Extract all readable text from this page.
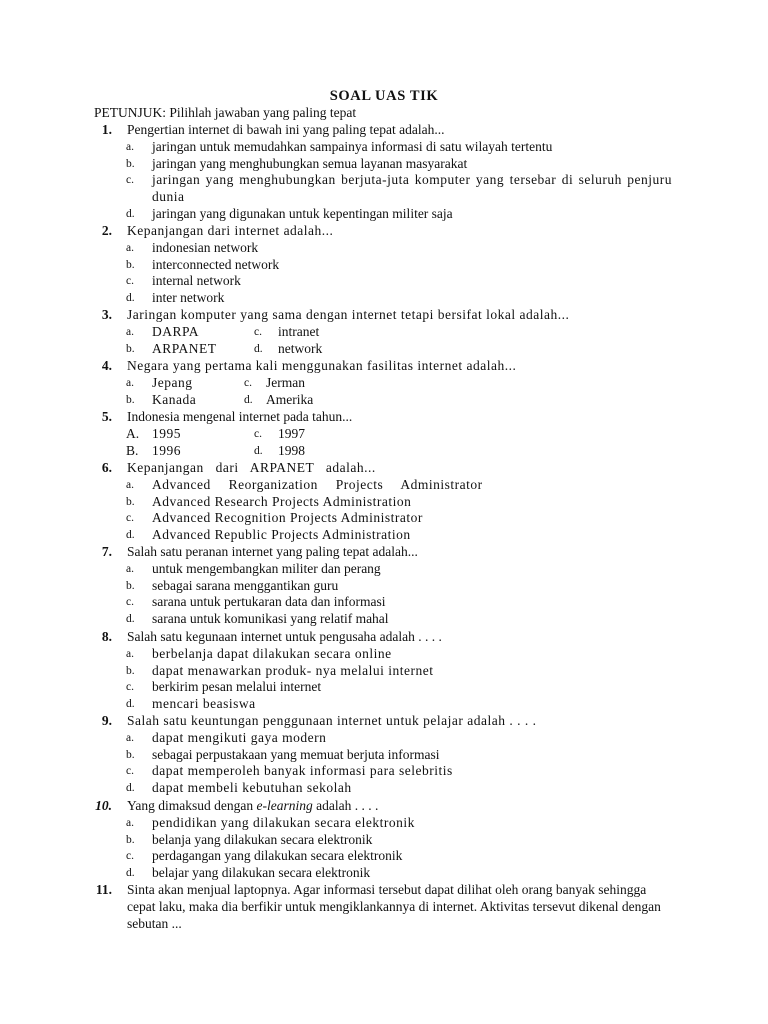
SOAL UAS TIK
PETUNJUK: Pilihlah jawaban yang paling tepat
1. Pengertian internet di bawah ini yang paling tepat adalah...
a. jaringan untuk memudahkan sampainya informasi di satu wilayah tertentu
b. jaringan yang menghubungkan semua layanan masyarakat
c. jaringan yang menghubungkan berjuta-juta komputer yang tersebar di seluruh penjuru dunia
d. jaringan yang digunakan untuk kepentingan militer saja
2. Kepanjangan dari internet adalah...
a. indonesian network
b. interconnected network
c. internal network
d. inter network
3. Jaringan komputer yang sama dengan internet tetapi bersifat lokal adalah...
a. DARPA	c. intranet
b. ARPANET	d. network
4. Negara yang pertama kali menggunakan fasilitas internet adalah...
a. Jepang	c. Jerman
b. Kanada	d. Amerika
5. Indonesia mengenal internet pada tahun...
A. 1995	c. 1997
B. 1996	d. 1998
6. Kepanjangan dari ARPANET adalah...
a. Advanced Reorganization Projects Administrator
b. Advanced Research Projects Administration
c. Advanced Recognition Projects Administrator
d. Advanced Republic Projects Administration
7. Salah satu peranan internet yang paling tepat adalah...
a. untuk mengembangkan militer dan perang
b. sebagai sarana menggantikan guru
c. sarana untuk pertukaran data dan informasi
d. sarana untuk komunikasi yang relatif mahal
8. Salah satu kegunaan internet untuk pengusaha adalah . . . .
a. berbelanja dapat dilakukan secara online
b. dapat menawarkan produk- nya melalui internet
c. berkirim pesan melalui internet
d. mencari beasiswa
9. Salah satu keuntungan penggunaan internet untuk pelajar adalah . . . .
a. dapat mengikuti gaya modern
b. sebagai perpustakaan yang memuat berjuta informasi
c. dapat memperoleh banyak informasi para selebritis
d. dapat membeli kebutuhan sekolah
10. Yang dimaksud dengan e-learning adalah . . . .
a. pendidikan yang dilakukan secara elektronik
b. belanja yang dilakukan secara elektronik
c. perdagangan yang dilakukan secara elektronik
d. belajar yang dilakukan secara elektronik
11. Sinta akan menjual laptopnya. Agar informasi tersebut dapat dilihat oleh orang banyak sehingga cepat laku, maka dia berfikir untuk mengiklankannya di internet. Aktivitas tersevut dikenal dengan sebutan ...
